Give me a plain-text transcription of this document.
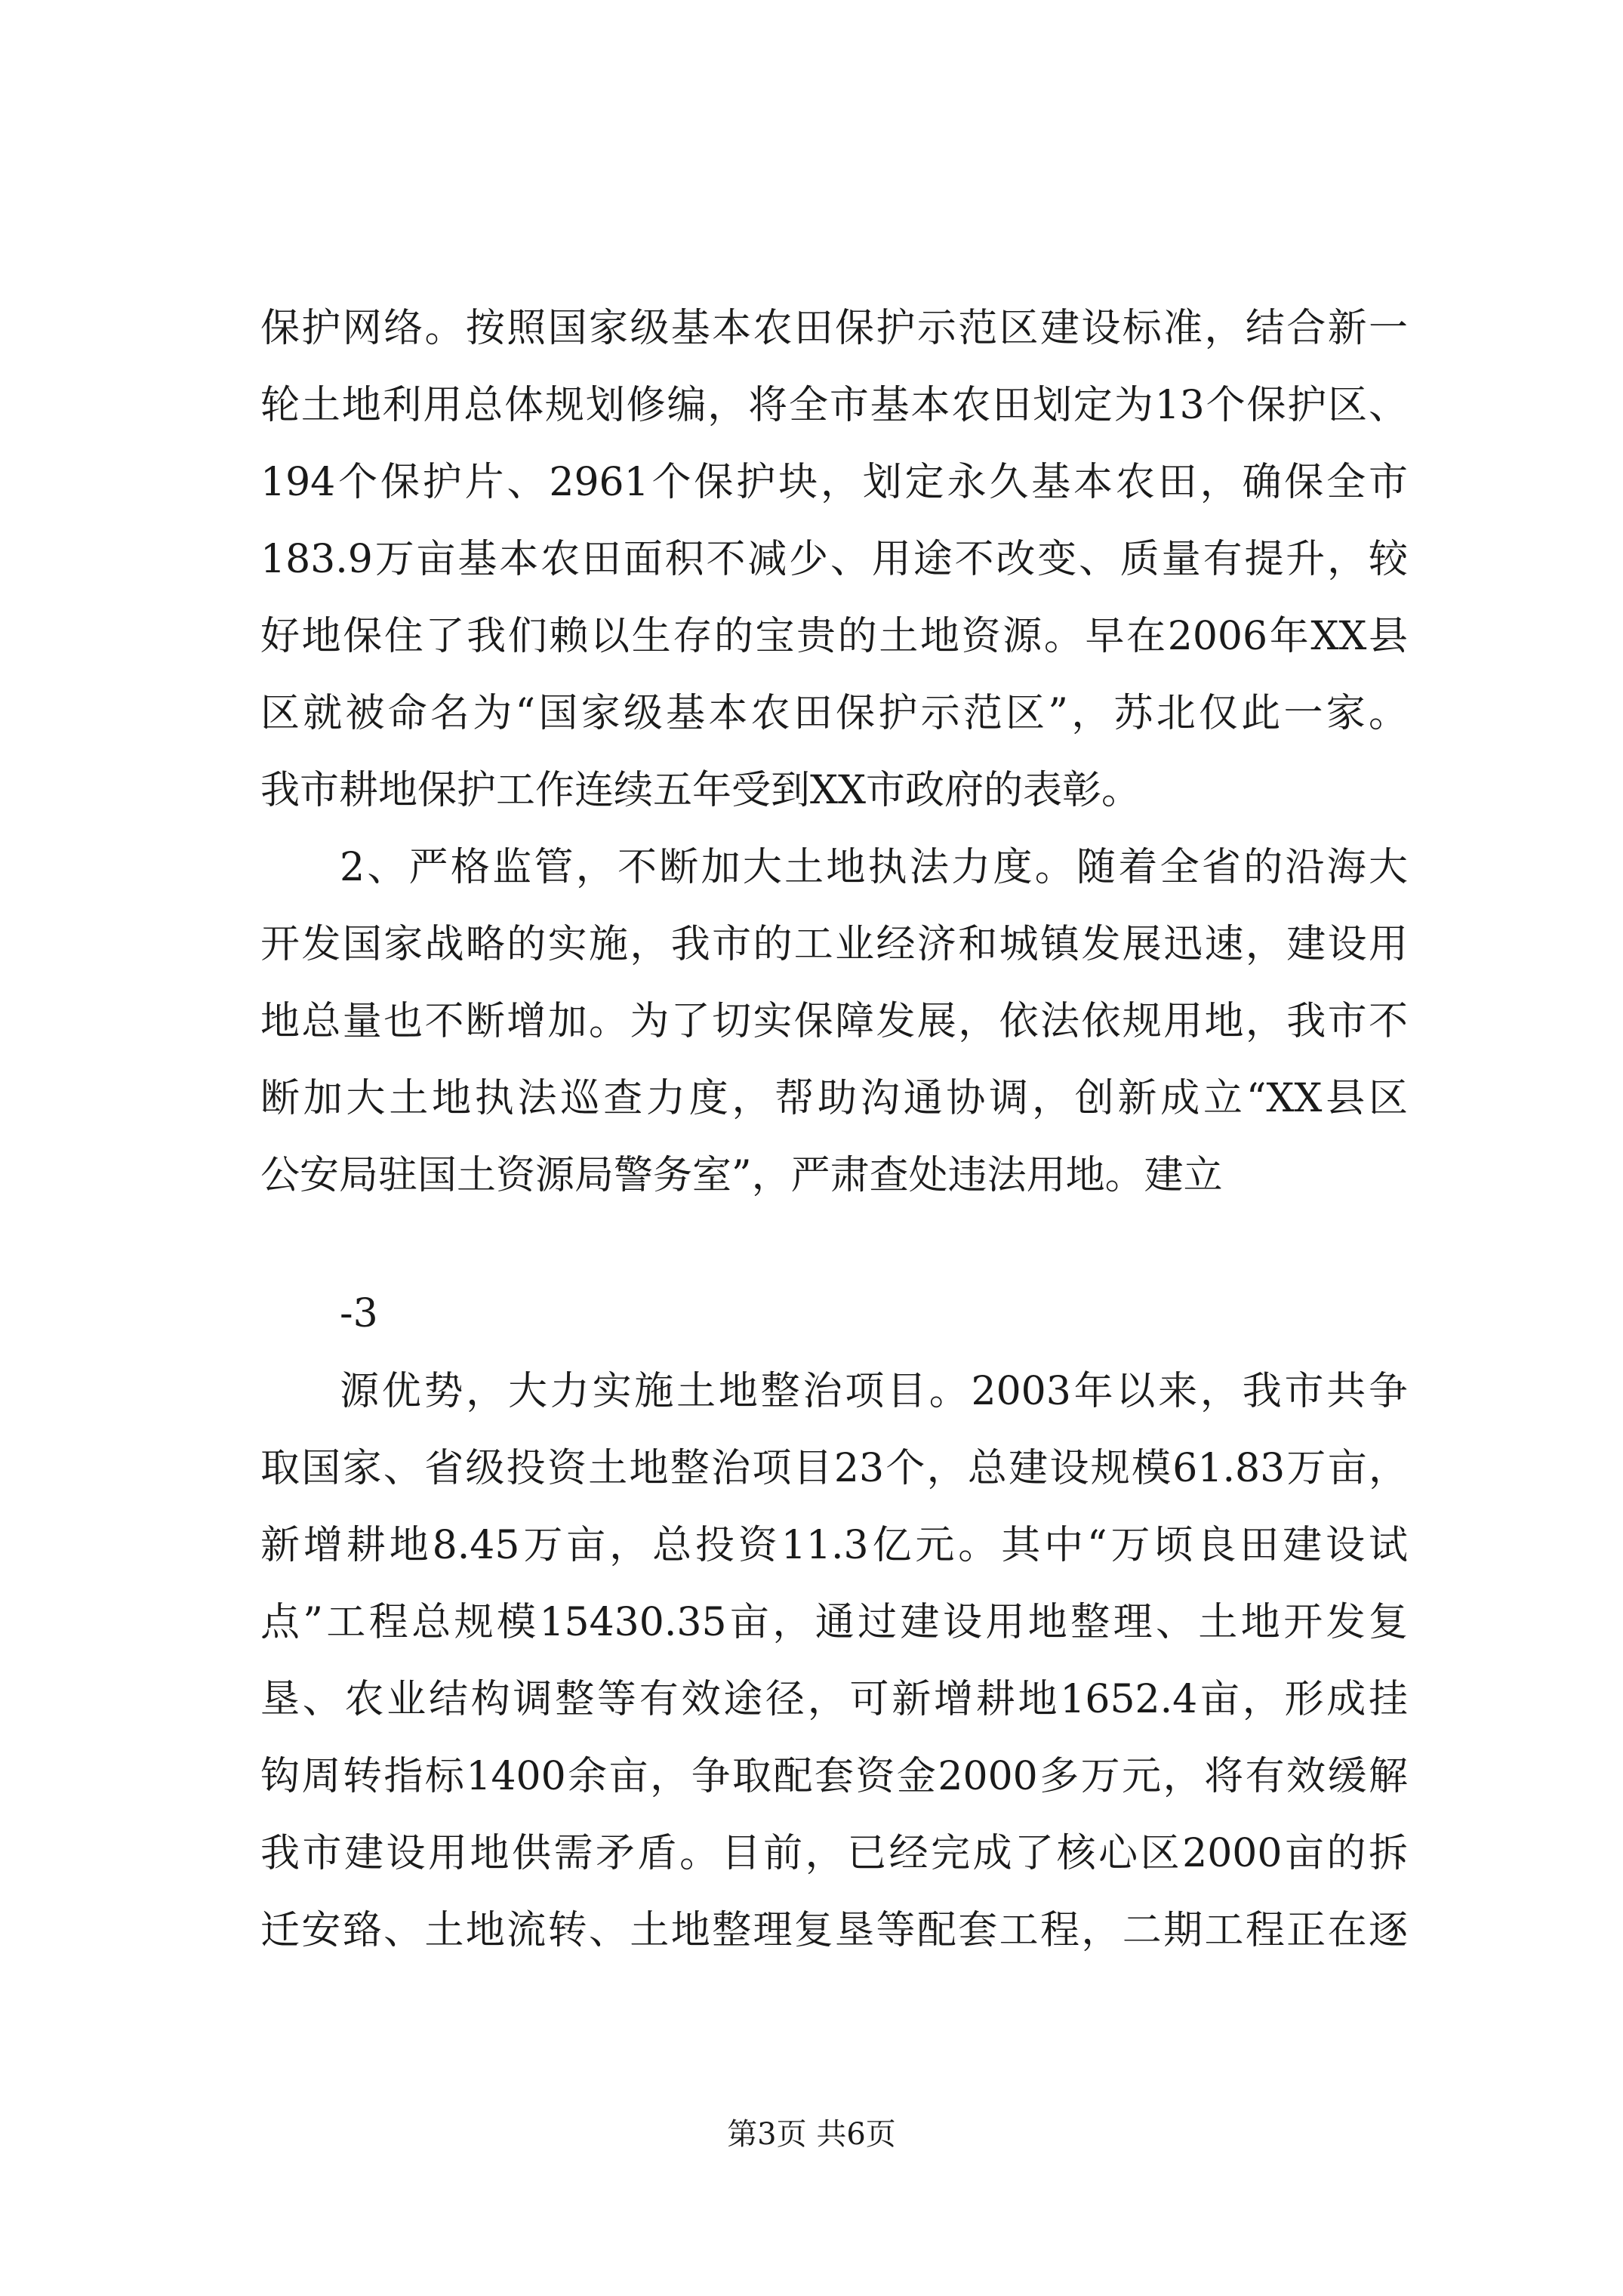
保护网络。按照国家级基本农田保护示范区建设标准，结合新一
轮土地利用总体规划修编，将全市基本农田划定为13个保护区、
194个保护片、2961个保护块，划定永久基本农田，确保全市
183.9万亩基本农田面积不减少、用途不改变、质量有提升，较
好地保住了我们赖以生存的宝贵的土地资源。早在2006年XX县
区就被命名为“国家级基本农田保护示范区”，苏北仅此一家。
我市耕地保护工作连续五年受到XX市政府的表彰。
2、严格监管，不断加大土地执法力度。随着全省的沿海大
开发国家战略的实施，我市的工业经济和城镇发展迅速，建设用
地总量也不断增加。为了切实保障发展，依法依规用地，我市不
断加大土地执法巡查力度，帮助沟通协调，创新成立“XX县区
公安局驻国土资源局警务室”，严肃查处违法用地。建立
-3
源优势，大力实施土地整治项目。2003年以来，我市共争
取国家、省级投资土地整治项目23个，总建设规模61.83万亩，
新增耕地8.45万亩，总投资11.3亿元。其中“万顷良田建设试
点”工程总规模15430.35亩，通过建设用地整理、土地开发复
垦、农业结构调整等有效途径，可新增耕地1652.4亩，形成挂
钩周转指标1400余亩，争取配套资金2000多万元，将有效缓解
我市建设用地供需矛盾。目前，已经完成了核心区2000亩的拆
迁安臵、土地流转、土地整理复垦等配套工程，二期工程正在逐
第3页 共6页
